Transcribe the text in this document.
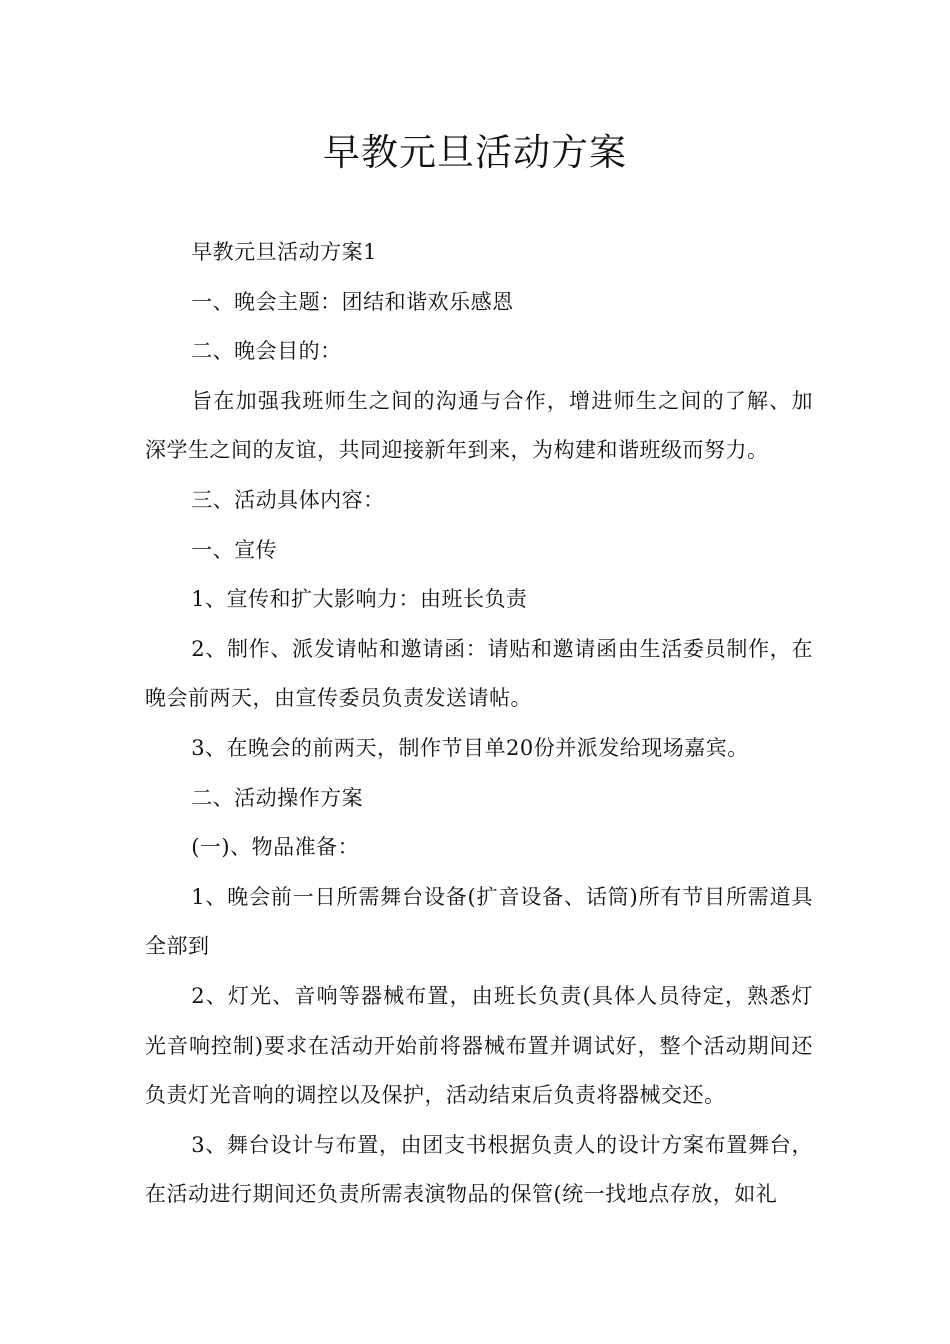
早教元旦活动方案

早教元旦活动方案1

一、晚会主题：团结和谐欢乐感恩

二、晚会目的：

旨在加强我班师生之间的沟通与合作，增进师生之间的了解、加深学生之间的友谊，共同迎接新年到来，为构建和谐班级而努力。

三、活动具体内容：

一、宣传

1、宣传和扩大影响力：由班长负责

2、制作、派发请帖和邀请函：请贴和邀请函由生活委员制作，在晚会前两天，由宣传委员负责发送请帖。

3、在晚会的前两天，制作节目单20份并派发给现场嘉宾。

二、活动操作方案

(一)、物品准备：

1、晚会前一日所需舞台设备(扩音设备、话筒)所有节目所需道具全部到

2、灯光、音响等器械布置，由班长负责(具体人员待定，熟悉灯光音响控制)要求在活动开始前将器械布置并调试好，整个活动期间还负责灯光音响的调控以及保护，活动结束后负责将器械交还。

3、舞台设计与布置，由团支书根据负责人的设计方案布置舞台，在活动进行期间还负责所需表演物品的保管(统一找地点存放，如礼
